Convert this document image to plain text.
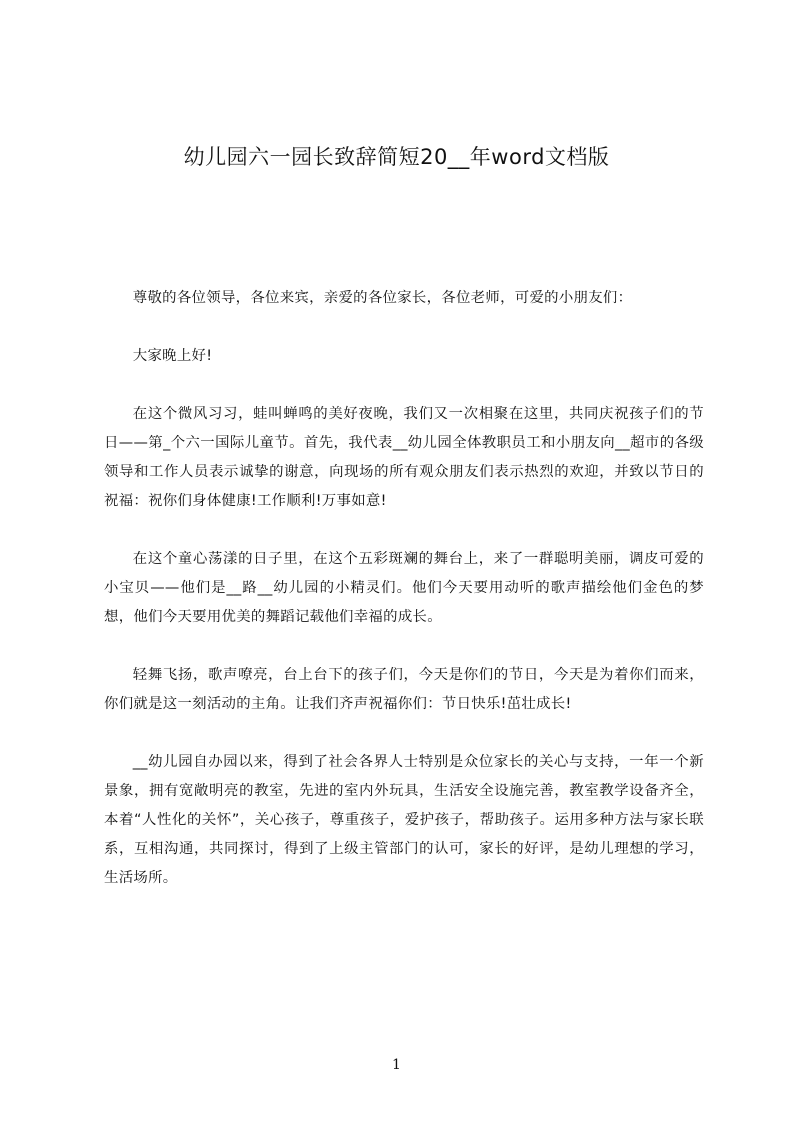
幼儿园六一园长致辞简短20__年word文档版

尊敬的各位领导，各位来宾，亲爱的各位家长，各位老师，可爱的小朋友们：

大家晚上好!

在这个微风习习，蛙叫蝉鸣的美好夜晚，我们又一次相聚在这里，共同庆祝孩子们的节日——第_个六一国际儿童节。首先，我代表__幼儿园全体教职员工和小朋友向__超市的各级领导和工作人员表示诚挚的谢意，向现场的所有观众朋友们表示热烈的欢迎，并致以节日的祝福：祝你们身体健康!工作顺利!万事如意!

在这个童心荡漾的日子里，在这个五彩斑斓的舞台上，来了一群聪明美丽，调皮可爱的小宝贝——他们是__路__幼儿园的小精灵们。他们今天要用动听的歌声描绘他们金色的梦想，他们今天要用优美的舞蹈记载他们幸福的成长。

轻舞飞扬，歌声嘹亮，台上台下的孩子们，今天是你们的节日，今天是为着你们而来，你们就是这一刻活动的主角。让我们齐声祝福你们：节日快乐!茁壮成长!

__幼儿园自办园以来，得到了社会各界人士特别是众位家长的关心与支持，一年一个新景象，拥有宽敞明亮的教室，先进的室内外玩具，生活安全设施完善，教室教学设备齐全，本着“人性化的关怀”，关心孩子，尊重孩子，爱护孩子，帮助孩子。运用多种方法与家长联系，互相沟通，共同探讨，得到了上级主管部门的认可，家长的好评，是幼儿理想的学习，生活场所。

1
